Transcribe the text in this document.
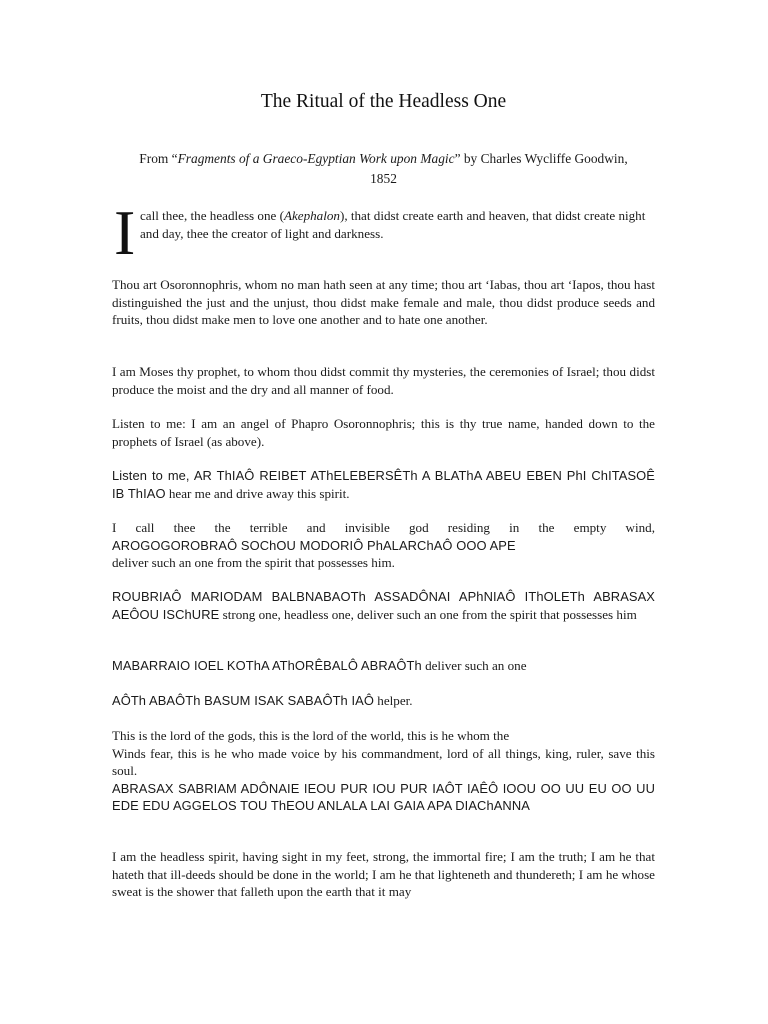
The Ritual of the Headless One
From “Fragments of a Graeco-Egyptian Work upon Magic” by Charles Wycliffe Goodwin,
1852
I call thee, the headless one (Akephalon), that didst create earth and heaven, that didst create night and day, thee the creator of light and darkness.
Thou art Osoronnophris, whom no man hath seen at any time; thou art ‘Iabas, thou art ‘Iapos, thou hast distinguished the just and the unjust, thou didst make female and male, thou didst produce seeds and fruits, thou didst make men to love one another and to hate one another.
I am Moses thy prophet, to whom thou didst commit thy mysteries, the ceremonies of Israel; thou didst produce the moist and the dry and all manner of food.
Listen to me: I am an angel of Phapro Osoronnophris; this is thy true name, handed down to the prophets of Israel (as above).
Listen to me, AR ThIAÔ REIBET AThELEBERSÊTh A BLAThA ABEU EBEN PhI ChITASOÊ IB ThIAO hear me and drive away this spirit.
I call thee the terrible and invisible god residing in the empty wind,
AROGOGOROBRAÔ SOChOU MODORIÔ PhALARChAÔ OOO APE
deliver such an one from the spirit that possesses him.
ROUBRIAÔ MARIODAM BALBNABAOTh ASSADÔNAI APhNIAÔ IThOLETh ABRASAX AEÔOU ISChURE strong one, headless one, deliver such an one from the spirit that possesses him
MABARRAIO IOEL KOThA AThORÊBALÔ ABRAÔTh deliver such an one
AÔTh ABAÔTh BASUM ISAK SABAÔTh IAÔ helper.
This is the lord of the gods, this is the lord of the world, this is he whom the
Winds fear, this is he who made voice by his commandment, lord of all things, king, ruler, save this soul.
ABRASAX SABRIAM ADÔNAIE IEOU PUR IOU PUR IAÔT IAÊÔ IOOU OO UU EU OO UU EDE EDU AGGELOS TOU ThEOU ANLALA LAI GAIA APA DIAChANNA
I am the headless spirit, having sight in my feet, strong, the immortal fire; I am the truth; I am he that hateth that ill-deeds should be done in the world; I am he that lighteneth and thundereth; I am he whose sweat is the shower that falleth upon the earth that it may
